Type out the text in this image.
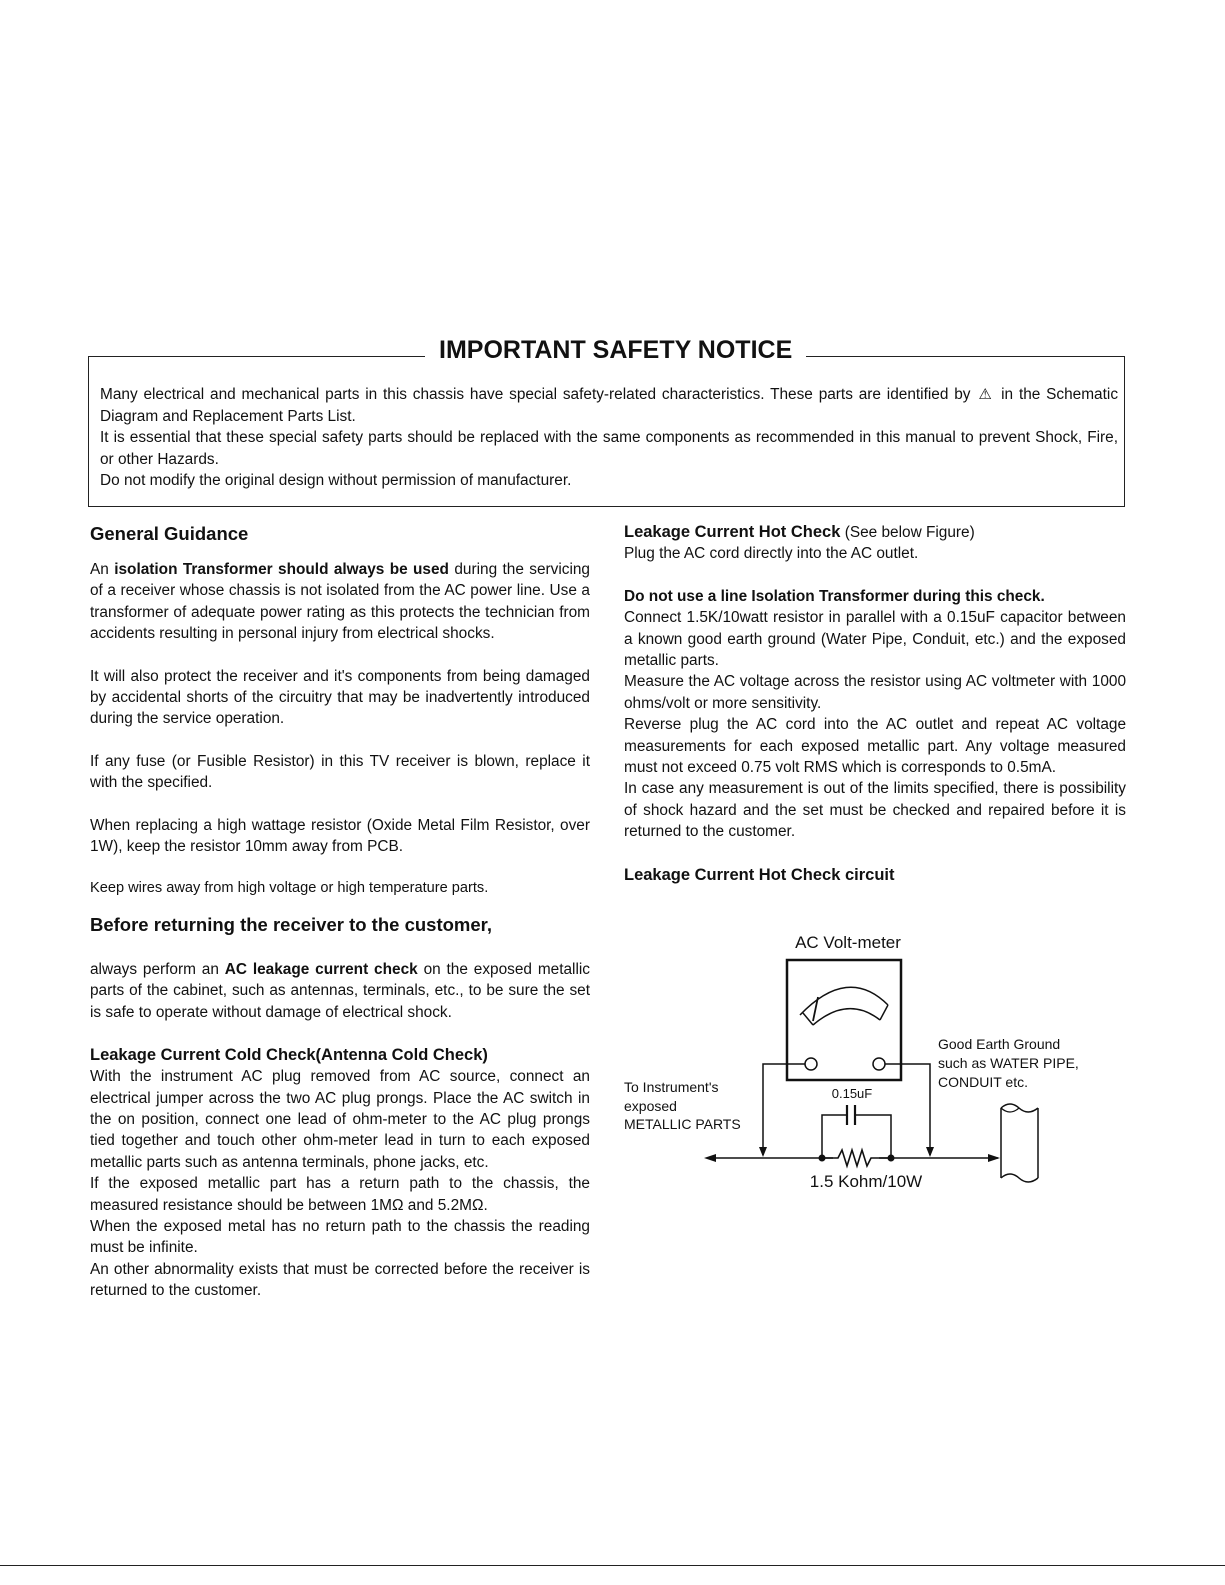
IMPORTANT SAFETY NOTICE

Many electrical and mechanical parts in this chassis have special safety-related characteristics. These parts are identified by ⚠ in the Schematic Diagram and Replacement Parts List.

It is essential that these special safety parts should be replaced with the same components as recommended in this manual to prevent Shock, Fire, or other Hazards.

Do not modify the original design without permission of manufacturer.

General Guidance

An isolation Transformer should always be used during the servicing of a receiver whose chassis is not isolated from the AC power line. Use a transformer of adequate power rating as this protects the technician from accidents resulting in personal injury from electrical shocks.

It will also protect the receiver and it's components from being damaged by accidental shorts of the circuitry that may be inadvertently introduced during the service operation.

If any fuse (or Fusible Resistor) in this TV receiver is blown, replace it with the specified.

When replacing a high wattage resistor (Oxide Metal Film Resistor, over 1W), keep the resistor 10mm away from PCB.

Keep wires away from high voltage or high temperature parts.

Before returning the receiver to the customer,

always perform an AC leakage current check on the exposed metallic parts of the cabinet, such as antennas, terminals, etc., to be sure the set is safe to operate without damage of electrical shock.

Leakage Current Cold Check(Antenna Cold Check)

With the instrument AC plug removed from AC source, connect an electrical jumper across the two AC plug prongs. Place the AC switch in the on position, connect one lead of ohm-meter to the AC plug prongs tied together and touch other ohm-meter lead in turn to each exposed metallic parts such as antenna terminals, phone jacks, etc.

If the exposed metallic part has a return path to the chassis, the measured resistance should be between 1MΩ and 5.2MΩ.

When the exposed metal has no return path to the chassis the reading must be infinite.

An other abnormality exists that must be corrected before the receiver is returned to the customer.

Leakage Current Hot Check (See below Figure)

Plug the AC cord directly into the AC outlet.

Do not use a line Isolation Transformer during this check.

Connect 1.5K/10watt resistor in parallel with a 0.15uF capacitor between a known good earth ground (Water Pipe, Conduit, etc.) and the exposed metallic parts.

Measure the AC voltage across the resistor using AC voltmeter with 1000 ohms/volt or more sensitivity.

Reverse plug the AC cord into the AC outlet and repeat AC voltage measurements for each exposed metallic part. Any voltage measured must not exceed 0.75 volt RMS which is corresponds to 0.5mA.

In case any measurement is out of the limits specified, there is possibility of shock hazard and the set must be checked and repaired before it is returned to the customer.

Leakage Current Hot Check circuit

AC Volt-meter
0.15uF
1.5 Kohm/10W
To Instrument's
exposed
METALLIC PARTS
Good Earth Ground
such as WATER PIPE,
CONDUIT etc.
